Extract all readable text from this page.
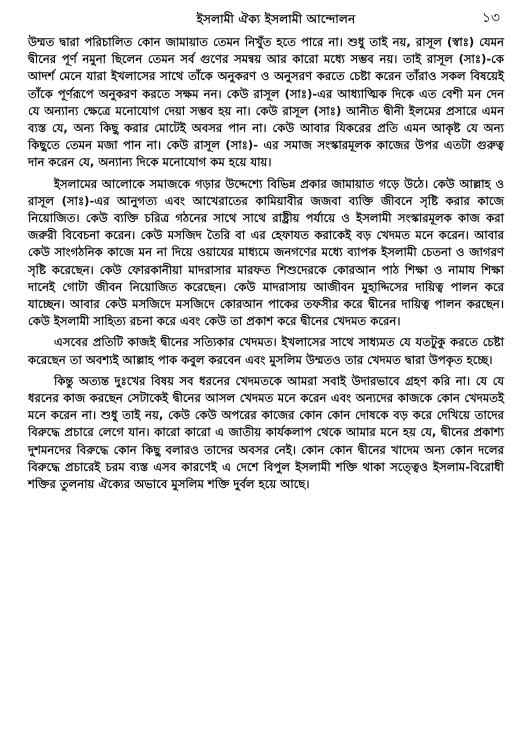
ইসলামী ঐক্য ইসলামী আন্দোলন	১৩

উম্মত দ্বারা পরিচালিত কোন জামায়াত তেমন নিখুঁত হতে পারে না। শুধু তাই নয়, রাসূল (স্বাঃ) যেমন দ্বীনের পূর্ণ নমুনা ছিলেন তেমন সর্ব গুণের সমন্বয় আর কারো মধ্যে সম্ভব নয়। তাই রাসূল (সাঃ)-কে আদর্শ মেনে যারা ইখলাসের সাথে তাঁকে অনুকরণ ও অনুসরণ করতে চেষ্টা করেন তাঁরাও সকল বিষয়েই তাঁকে পূর্ণরূপে অনুকরণ করতে সক্ষম নন। কেউ রাসূল (সাঃ)-এর আধ্যাত্মিক দিকে এত বেশী মন দেন যে অন্যান্য ক্ষেত্রে মনোযোগ দেয়া সম্ভব হয় না। কেউ রাসূল (সাঃ) আনীত দ্বীনী ইলমের প্রসারে এমন ব্যস্ত যে, অন্য কিছু করার মোটেই অবসর পান না। কেউ আবার যিকরের প্রতি এমন আকৃষ্ট যে অন্য কিছুতে তেমন মজা পান না। কেউ রাসূল (সাঃ)- এর সমাজ সংস্কারমূলক কাজের উপর এতটা গুরুত্ব দান করেন যে, অন্যান্য দিকে মনোযোগ কম হয়ে যায়।

ইসলামের আলোকে সমাজকে গড়ার উদ্দেশ্যে বিভিন্ন প্রকার জামায়াত গড়ে উঠে। কেউ আল্লাহ ও রাসূল (সাঃ)-এর আনুগত্য এবং আখেরাতের কামিয়াবীর জজবা ব্যক্তি জীবনে সৃষ্টি করার কাজে নিয়োজিত। কেউ ব্যক্তি চরিত্র গঠনের সাথে সাথে রাষ্ট্রীয় পর্যায়ে ও ইসলামী সংস্কারমূলক কাজ করা জরুরী বিবেচনা করেন। কেউ মসজিদ তৈরি বা এর হেফাযত করাকেই বড় খেদমত মনে করেন। আবার কেউ সাংগঠনিক কাজে মন না দিয়ে ওয়াযের মাধ্যমে জনগণের মধ্যে ব্যাপক ইসলামী চেতনা ও জাগরণ সৃষ্টি করেছেন। কেউ ফোরকানীয়া মাদরাসার মারফত শিশুদেরকে কোরআন পাঠ শিক্ষা ও নামায শিক্ষা দানেই গোটা জীবন নিয়োজিত করেছেন। কেউ মাদরাসায় আজীবন মুহাদ্দিসের দায়িত্ব পালন করে যাচ্ছেন। আবার কেউ মসজিদে মসজিদে কোরআন পাকের তফসীর করে দ্বীনের দায়িত্ব পালন করছেন। কেউ ইসলামী সাহিত্য রচনা করে এবং কেউ তা প্রকাশ করে দ্বীনের খেদমত করেন।

এসবের প্রতিটি কাজই দ্বীনের সত্যিকার খেদমত। ইখলাসের সাথে সাধ্যমত যে যতটুকু করতে চেষ্টা করেছেন তা অবশ্যই আল্লাহ পাক কবুল করবেন এবং মুসলিম উম্মতও তার খেদমত দ্বারা উপকৃত হচ্ছে।

কিন্তু অত্যন্ত দুঃখের বিষয় সব ধরনের খেদমতকে আমরা সবাই উদারভাবে গ্রহণ করি না। যে যে ধরনের কাজ করছেন সেটাকেই দ্বীনের আসল খেদমত মনে করেন এবং অন্যদের কাজকে কোন খেদমতই মনে করেন না। শুধু তাই নয়, কেউ কেউ অপরের কাজের কোন কোন দোষকে বড় করে দেখিয়ে তাদের বিরুদ্ধে প্রচারে লেগে যান। কারো কারো এ জাতীয় কার্যকলাপ থেকে আমার মনে হয় যে, দ্বীনের প্রকাশ্য দুশমনদের বিরুদ্ধে কোন কিছু বলারও তাদের অবসর নেই। কোন কোন দ্বীনের খাদেম অন্য কোন দলের বিরুদ্ধে প্রচারেই চরম ব্যস্ত এসব কারণেই এ দেশে বিপুল ইসলামী শক্তি থাকা সত্ত্বেও ইসলাম-বিরোধী শক্তির তুলনায় ঐক্যের অভাবে মুসলিম শক্তি দুর্বল হয়ে আছে।
